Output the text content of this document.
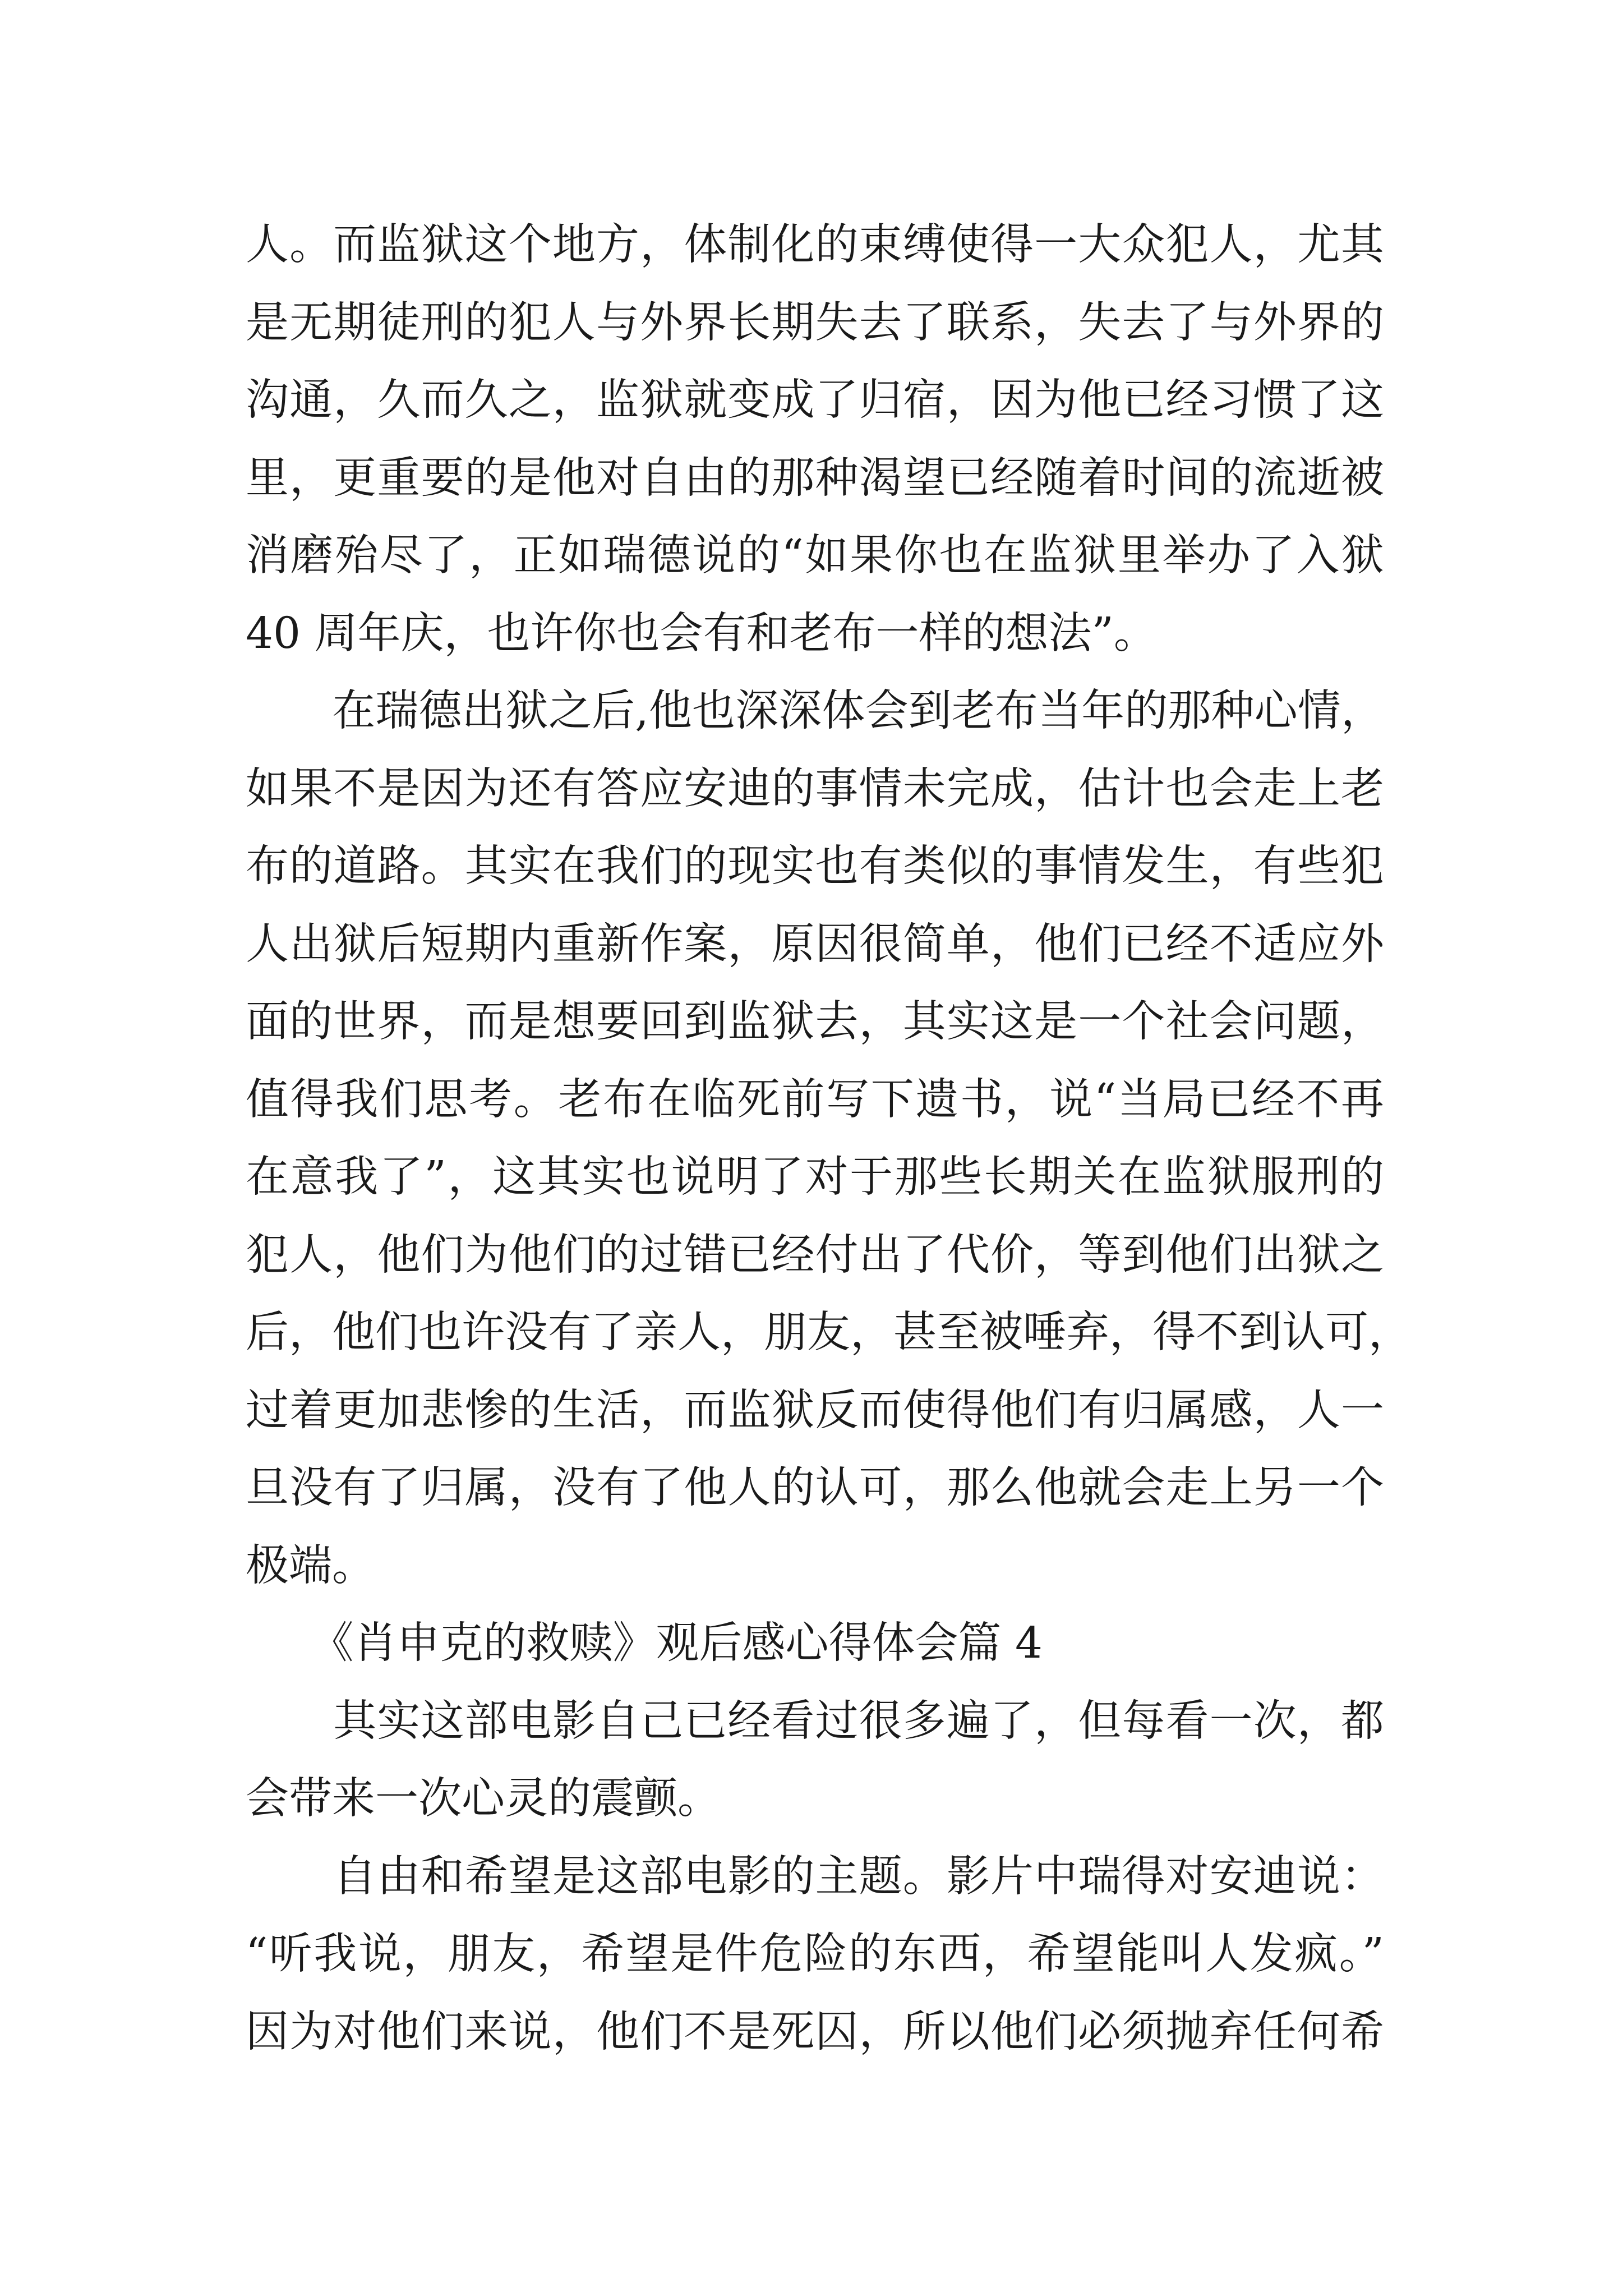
人。而监狱这个地方，体制化的束缚使得一大众犯人，尤其
是无期徒刑的犯人与外界长期失去了联系，失去了与外界的
沟通，久而久之，监狱就变成了归宿，因为他已经习惯了这
里，更重要的是他对自由的那种渴望已经随着时间的流逝被
消磨殆尽了，正如瑞德说的“如果你也在监狱里举办了入狱
40 周年庆，也许你也会有和老布一样的想法”。
　　在瑞德出狱之后,他也深深体会到老布当年的那种心情，
如果不是因为还有答应安迪的事情未完成，估计也会走上老
布的道路。其实在我们的现实也有类似的事情发生，有些犯
人出狱后短期内重新作案，原因很简单，他们已经不适应外
面的世界，而是想要回到监狱去，其实这是一个社会问题，
值得我们思考。老布在临死前写下遗书，说“当局已经不再
在意我了”，这其实也说明了对于那些长期关在监狱服刑的
犯人，他们为他们的过错已经付出了代价，等到他们出狱之
后，他们也许没有了亲人，朋友，甚至被唾弃，得不到认可，
过着更加悲惨的生活，而监狱反而使得他们有归属感，人一
旦没有了归属，没有了他人的认可，那么他就会走上另一个
极端。
　　《肖申克的救赎》观后感心得体会篇 4
　　其实这部电影自己已经看过很多遍了，但每看一次，都
会带来一次心灵的震颤。
　　自由和希望是这部电影的主题。影片中瑞得对安迪说：
“听我说，朋友，希望是件危险的东西，希望能叫人发疯。”
因为对他们来说，他们不是死囚，所以他们必须抛弃任何希
